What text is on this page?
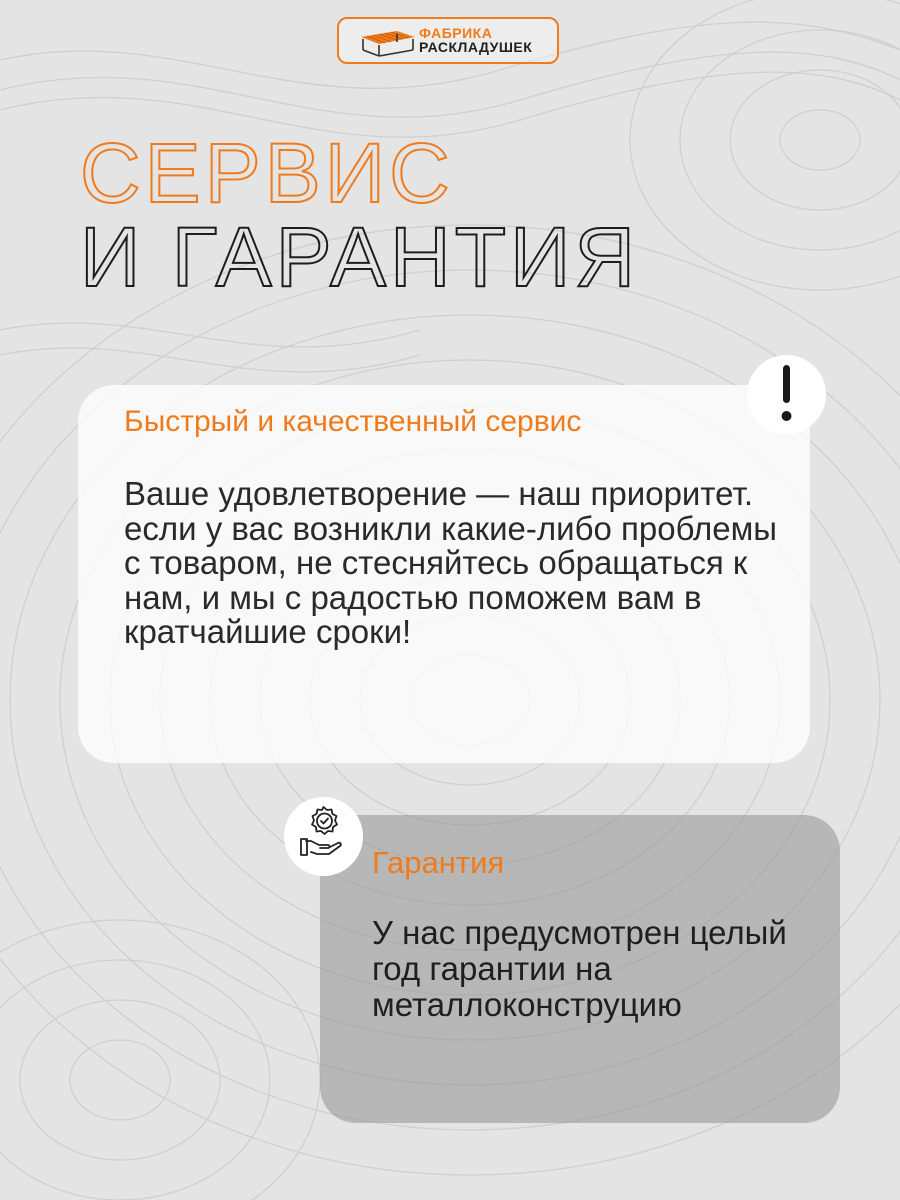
ФАБРИКА
РАСКЛАДУШЕК
СЕРВИС
И ГАРАНТИЯ
Быстрый и качественный сервис
Ваше удовлетворение — наш приоритет. если у вас возникли какие-либо проблемы с товаром, не стесняйтесь обращаться к нам, и мы с радостью поможем вам в кратчайшие сроки!
Гарантия
У нас предусмотрен целый год гарантии на металлоконструцию
